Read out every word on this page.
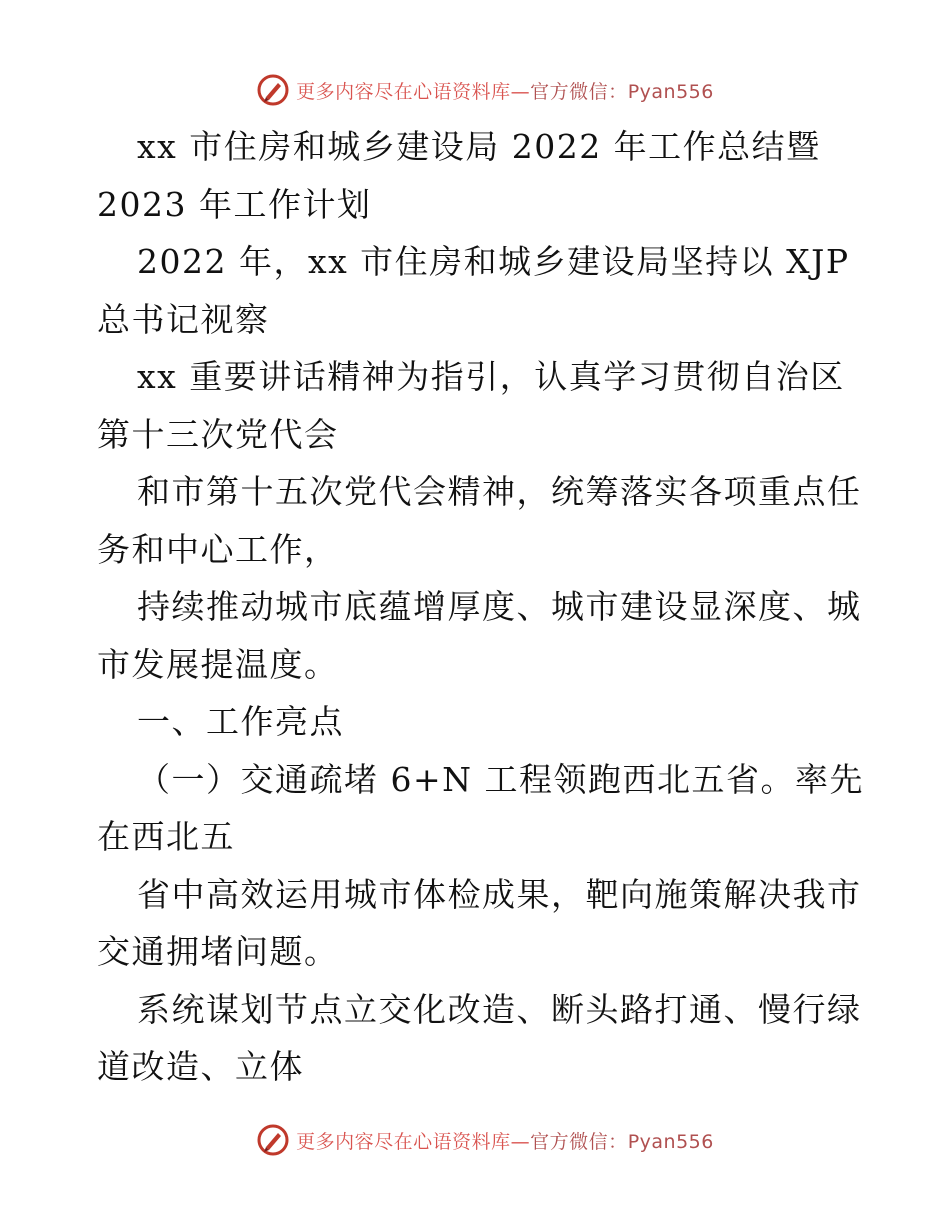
更多内容尽在心语资料库—官方微信：Pyan556
xx 市住房和城乡建设局 2022 年工作总结暨
2023 年工作计划
2022 年，xx 市住房和城乡建设局坚持以 XJP
总书记视察
xx 重要讲话精神为指引，认真学习贯彻自治区
第十三次党代会
和市第十五次党代会精神，统筹落实各项重点任
务和中心工作，
持续推动城市底蕴增厚度、城市建设显深度、城
市发展提温度。
一、工作亮点
（一）交通疏堵 6+N 工程领跑西北五省。率先
在西北五
省中高效运用城市体检成果，靶向施策解决我市
交通拥堵问题。
系统谋划节点立交化改造、断头路打通、慢行绿
道改造、立体
更多内容尽在心语资料库—官方微信：Pyan556
